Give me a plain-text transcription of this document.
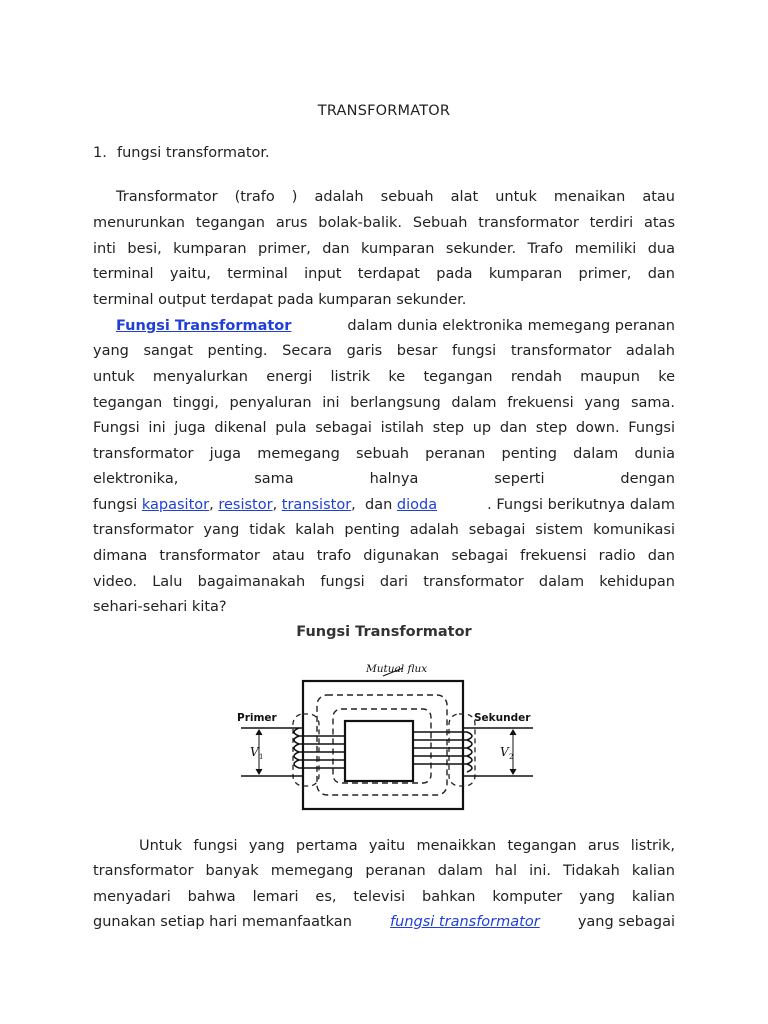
TRANSFORMATOR
1. fungsi transformator.
Transformator (trafo ) adalah sebuah alat untuk menaikan atau
menurunkan tegangan arus bolak-balik. Sebuah transformator terdiri atas
inti besi, kumparan primer, dan kumparan sekunder. Trafo memiliki dua
terminal yaitu, terminal input terdapat pada kumparan primer, dan
terminal output terdapat pada kumparan sekunder.
Fungsi Transformator	dalam dunia elektronika memegang peranan
yang sangat penting. Secara garis besar fungsi transformator adalah
untuk menyalurkan energi listrik ke tegangan rendah maupun ke
tegangan tinggi, penyaluran ini berlangsung dalam frekuensi yang sama.
Fungsi ini juga dikenal pula sebagai istilah step up dan step down. Fungsi
transformator juga memegang sebuah peranan penting dalam dunia
elektronika,	sama	halnya	seperti	dengan
fungsi kapasitor, resistor, transistor,  dan dioda	. Fungsi berikutnya dalam
transformator yang tidak kalah penting adalah sebagai sistem komunikasi
dimana transformator atau trafo digunakan sebagai frekuensi radio dan
video. Lalu bagaimanakah fungsi dari transformator dalam kehidupan
sehari-sehari kita?
Fungsi Transformator
Mutual flux
Primer	Sekunder
V 1	V 2
Untuk fungsi yang pertama yaitu menaikkan tegangan arus listrik,
transformator banyak memegang peranan dalam hal ini. Tidakah kalian
menyadari bahwa lemari es, televisi bahkan komputer yang kalian
gunakan setiap hari memanfaatkan	fungsi transformator	yang sebagai
